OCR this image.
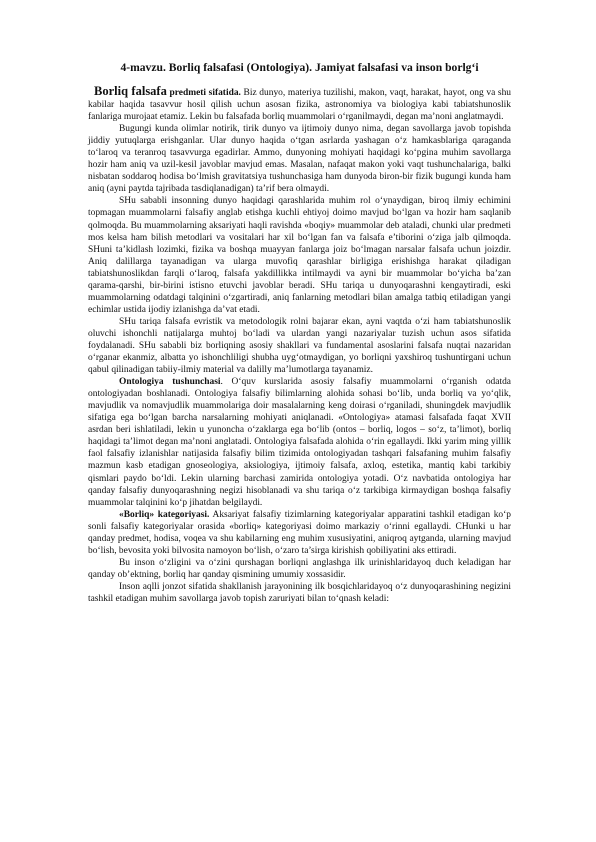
4-mavzu. Borliq falsafasi (Ontologiya). Jamiyat falsafasi va inson borlg‘i

Borliq falsafa predmeti sifatida. Biz dunyo, materiya tuzilishi, makon, vaqt, harakat, hayot, ong va shu kabilar haqida tasavvur hosil qilish uchun asosan fizika, astronomiya va biologiya kabi tabiatshunoslik fanlariga murojaat etamiz. Lekin bu falsafada borliq muammolari o‘rganilmaydi, degan ma’noni anglatmaydi.

Bugungi kunda olimlar notirik, tirik dunyo va ijtimoiy dunyo nima, degan savollarga javob topishda jiddiy yutuqlarga erishganlar. Ular dunyo haqida o‘tgan asrlarda yashagan o‘z hamkasblariga qaraganda to‘laroq va teranroq tasavvurga egadirlar. Ammo, dunyoning mohiyati haqidagi ko‘pgina muhim savollarga hozir ham aniq va uzil-kesil javoblar mavjud emas. Masalan, nafaqat makon yoki vaqt tushunchalariga, balki nisbatan soddaroq hodisa bo‘lmish gravitatsiya tushunchasiga ham dunyoda biron-bir fizik bugungi kunda ham aniq (ayni paytda tajribada tasdiqlanadigan) ta’rif bera olmaydi.

SHu sababli insonning dunyo haqidagi qarashlarida muhim rol o‘ynaydigan, biroq ilmiy echimini topmagan muammolarni falsafiy anglab etishga kuchli ehtiyoj doimo mavjud bo‘lgan va hozir ham saqlanib qolmoqda. Bu muammolarning aksariyati haqli ravishda «boqiy» muammolar deb ataladi, chunki ular predmeti mos kelsa ham bilish metodlari va vositalari har xil bo‘lgan fan va falsafa e’tiborini o‘ziga jalb qilmoqda. SHuni ta’kidlash lozimki, fizika va boshqa muayyan fanlarga joiz bo‘lmagan narsalar falsafa uchun joizdir. Aniq dalillarga tayanadigan va ularga muvofiq qarashlar birligiga erishishga harakat qiladigan tabiatshunoslikdan farqli o‘laroq, falsafa yakdillikka intilmaydi va ayni bir muammolar bo‘yicha ba’zan qarama-qarshi, bir-birini istisno etuvchi javoblar beradi. SHu tariqa u dunyoqarashni kengaytiradi, eski muammolarning odatdagi talqinini o‘zgartiradi, aniq fanlarning metodlari bilan amalga tatbiq etiladigan yangi echimlar ustida ijodiy izlanishga da’vat etadi.

SHu tariqa falsafa evristik va metodologik rolni bajarar ekan, ayni vaqtda o‘zi ham tabiatshunoslik oluvchi ishonchli natijalarga muhtoj bo‘ladi va ulardan yangi nazariyalar tuzish uchun asos sifatida foydalanadi. SHu sababli biz borliqning asosiy shakllari va fundamental asoslarini falsafa nuqtai nazaridan o‘rganar ekanmiz, albatta yo ishonchliligi shubha uyg‘otmaydigan, yo borliqni yaxshiroq tushuntirgani uchun qabul qilinadigan tabiiy-ilmiy material va dalilly ma’lumotlarga tayanamiz.

Ontologiya tushunchasi. O‘quv kurslarida asosiy falsafiy muammolarni o‘rganish odatda ontologiyadan boshlanadi. Ontologiya falsafiy bilimlarning alohida sohasi bo‘lib, unda borliq va yo‘qlik, mavjudlik va nomavjudlik muammolariga doir masalalarning keng doirasi o‘rganiladi, shuningdek mavjudlik sifatiga ega bo‘lgan barcha narsalarning mohiyati aniqlanadi. «Ontologiya» atamasi falsafada faqat XVII asrdan beri ishlatiladi, lekin u yunoncha o‘zaklarga ega bo‘lib (ontos – borliq, logos – so‘z, ta’limot), borliq haqidagi ta’limot degan ma’noni anglatadi. Ontologiya falsafada alohida o‘rin egallaydi. Ikki yarim ming yillik faol falsafiy izlanishlar natijasida falsafiy bilim tizimida ontologiyadan tashqari falsafaning muhim falsafiy mazmun kasb etadigan gnoseologiya, aksiologiya, ijtimoiy falsafa, axloq, estetika, mantiq kabi tarkibiy qismlari paydo bo‘ldi. Lekin ularning barchasi zamirida ontologiya yotadi. O‘z navbatida ontologiya har qanday falsafiy dunyoqarashning negizi hisoblanadi va shu tariqa o‘z tarkibiga kirmaydigan boshqa falsafiy muammolar talqinini ko‘p jihatdan belgilaydi.

«Borliq» kategoriyasi. Aksariyat falsafiy tizimlarning kategoriyalar apparatini tashkil etadigan ko‘p sonli falsafiy kategoriyalar orasida «borliq» kategoriyasi doimo markaziy o‘rinni egallaydi. CHunki u har qanday predmet, hodisa, voqea va shu kabilarning eng muhim xususiyatini, aniqroq aytganda, ularning mavjud bo‘lish, bevosita yoki bilvosita namoyon bo‘lish, o‘zaro ta’sirga kirishish qobiliyatini aks ettiradi.

Bu inson o‘zligini va o‘zini qurshagan borliqni anglashga ilk urinishlaridayoq duch keladigan har qanday ob’ektning, borliq har qanday qismining umumiy xossasidir.

Inson aqlli jonzot sifatida shakllanish jarayonining ilk bosqichlaridayoq o‘z dunyoqarashining negizini tashkil etadigan muhim savollarga javob topish zaruriyati bilan to‘qnash keladi:
